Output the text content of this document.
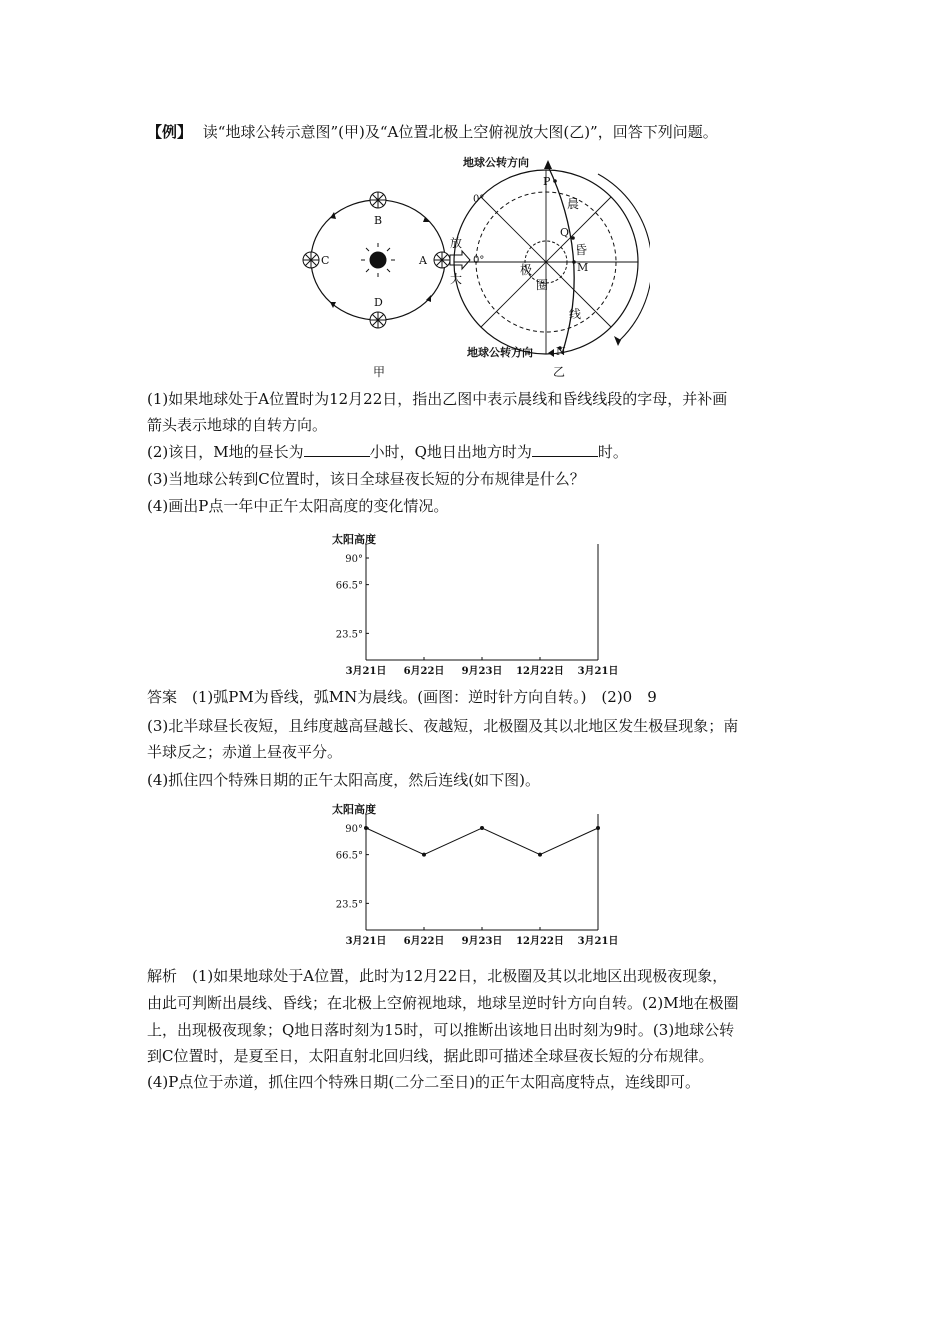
【例】 读“地球公转示意图”(甲)及“A位置北极上空俯视放大图(乙)”，回答下列问题。
B
D
C	A
放
大
甲
P
Q
M
N
0°
0°
晨
昏
线
极
圈
地球公转方向
地球公转方向
乙
(1)如果地球处于A位置时为12月22日，指出乙图中表示晨线和昏线线段的字母，并补画
箭头表示地球的自转方向。
(2)该日，M地的昼长为	小时，Q地日出地方时为	时。
(3)当地球公转到C位置时，该日全球昼夜长短的分布规律是什么？
(4)画出P点一年中正午太阳高度的变化情况。
太阳高度
90°
66.5°
23.5°
3月21日 6月22日 9月23日 12月22日 3月21日
答案　 (1)弧PM为昏线，弧MN为晨线。(画图：逆时针方向自转。)　(2)0　9
(3)北半球昼长夜短，且纬度越高昼越长、夜越短，北极圈及其以北地区发生极昼现象；南
半球反之；赤道上昼夜平分。
(4)抓住四个特殊日期的正午太阳高度，然后连线(如下图)。
太阳高度
90°
66.5°
23.5°
3月21日 6月22日 9月23日 12月22日 3月21日
解析　 (1)如果地球处于A位置，此时为12月22日，北极圈及其以北地区出现极夜现象，
由此可判断出晨线、昏线；在北极上空俯视地球，地球呈逆时针方向自转。(2)M地在极圈
上，出现极夜现象；Q地日落时刻为15时，可以推断出该地日出时刻为9时。(3)地球公转
到C位置时，是夏至日，太阳直射北回归线，据此即可描述全球昼夜长短的分布规律。
(4)P点位于赤道，抓住四个特殊日期(二分二至日)的正午太阳高度特点，连线即可。
